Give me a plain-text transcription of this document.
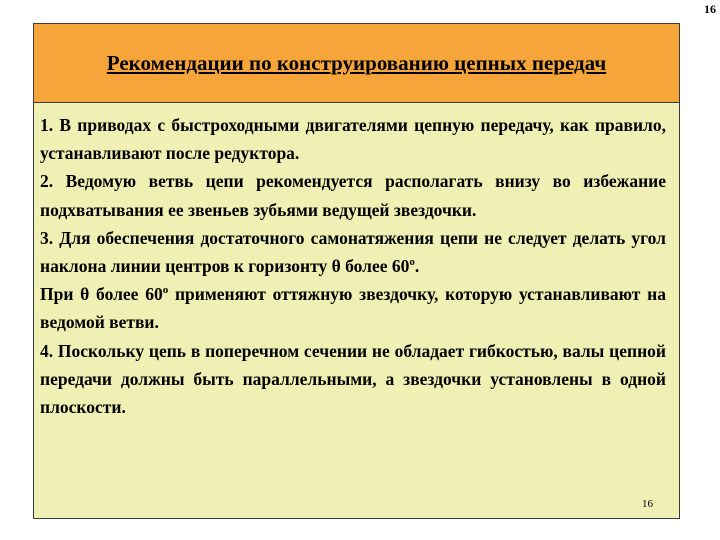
16
Рекомендации по конструированию цепных передач

1. В приводах с быстроходными двигателями цепную передачу, как правило, устанавливают после редуктора.

2. Ведомую ветвь цепи рекомендуется располагать внизу во избежание подхватывания ее звеньев зубьями ведущей звездочки.

3. Для обеспечения достаточного самонатяжения цепи не следует делать угол наклона линии центров к горизонту θ более $60^о$.

При θ более $60^о$ применяют оттяжную звездочку, которую устанавливают на ведомой ветви.

4. Поскольку цепь в поперечном сечении не обладает гибкостью, валы цепной передачи должны быть параллельными, а звездочки установлены в одной плоскости.

16
